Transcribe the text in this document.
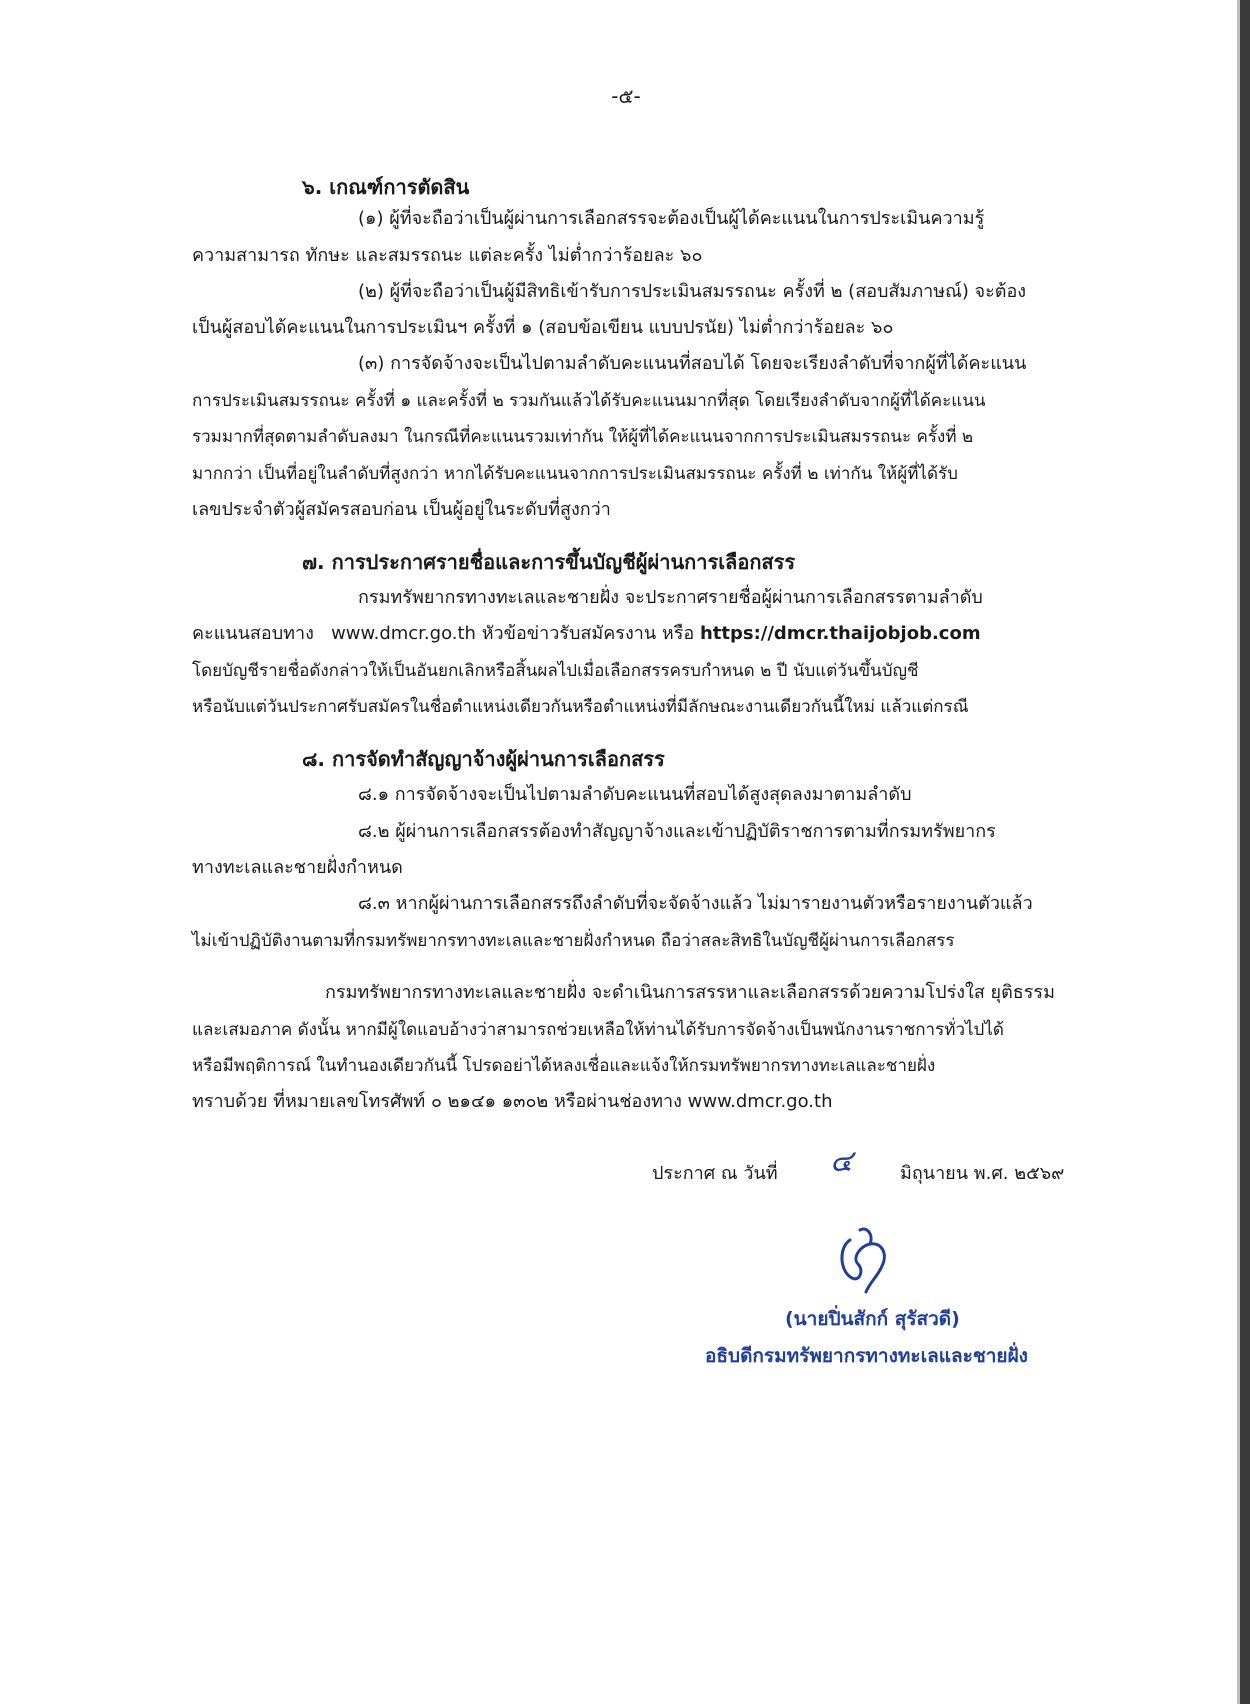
-๕-
๖. เกณฑ์การตัดสิน
(๑) ผู้ที่จะถือว่าเป็นผู้ผ่านการเลือกสรรจะต้องเป็นผู้ได้คะแนนในการประเมินความรู้
ความสามารถ ทักษะ และสมรรถนะ แต่ละครั้ง ไม่ต่ำกว่าร้อยละ ๖๐
(๒) ผู้ที่จะถือว่าเป็นผู้มีสิทธิเข้ารับการประเมินสมรรถนะ ครั้งที่ ๒ (สอบสัมภาษณ์) จะต้อง
เป็นผู้สอบได้คะแนนในการประเมินฯ ครั้งที่ ๑ (สอบข้อเขียน แบบปรนัย) ไม่ต่ำกว่าร้อยละ ๖๐
(๓) การจัดจ้างจะเป็นไปตามลำดับคะแนนที่สอบได้ โดยจะเรียงลำดับที่จากผู้ที่ได้คะแนน
การประเมินสมรรถนะ ครั้งที่ ๑ และครั้งที่ ๒ รวมกันแล้วได้รับคะแนนมากที่สุด โดยเรียงลำดับจากผู้ที่ได้คะแนน
รวมมากที่สุดตามลำดับลงมา ในกรณีที่คะแนนรวมเท่ากัน ให้ผู้ที่ได้คะแนนจากการประเมินสมรรถนะ ครั้งที่ ๒
มากกว่า เป็นที่อยู่ในลำดับที่สูงกว่า หากได้รับคะแนนจากการประเมินสมรรถนะ ครั้งที่ ๒ เท่ากัน ให้ผู้ที่ได้รับ
เลขประจำตัวผู้สมัครสอบก่อน เป็นผู้อยู่ในระดับที่สูงกว่า
๗. การประกาศรายชื่อและการขึ้นบัญชีผู้ผ่านการเลือกสรร
กรมทรัพยากรทางทะเลและชายฝั่ง จะประกาศรายชื่อผู้ผ่านการเลือกสรรตามลำดับ
คะแนนสอบทาง www.dmcr.go.th หัวข้อข่าวรับสมัครงาน หรือ https://dmcr.thaijobjob.com
โดยบัญชีรายชื่อดังกล่าวให้เป็นอันยกเลิกหรือสิ้นผลไปเมื่อเลือกสรรครบกำหนด ๒ ปี นับแต่วันขึ้นบัญชี
หรือนับแต่วันประกาศรับสมัครในชื่อตำแหน่งเดียวกันหรือตำแหน่งที่มีลักษณะงานเดียวกันนี้ใหม่ แล้วแต่กรณี
๘. การจัดทำสัญญาจ้างผู้ผ่านการเลือกสรร
๘.๑ การจัดจ้างจะเป็นไปตามลำดับคะแนนที่สอบได้สูงสุดลงมาตามลำดับ
๘.๒ ผู้ผ่านการเลือกสรรต้องทำสัญญาจ้างและเข้าปฏิบัติราชการตามที่กรมทรัพยากร
ทางทะเลและชายฝั่งกำหนด
๘.๓ หากผู้ผ่านการเลือกสรรถึงลำดับที่จะจัดจ้างแล้ว ไม่มารายงานตัวหรือรายงานตัวแล้ว
ไม่เข้าปฏิบัติงานตามที่กรมทรัพยากรทางทะเลและชายฝั่งกำหนด ถือว่าสละสิทธิในบัญชีผู้ผ่านการเลือกสรร
กรมทรัพยากรทางทะเลและชายฝั่ง จะดำเนินการสรรหาและเลือกสรรด้วยความโปร่งใส ยุติธรรม
และเสมอภาค ดังนั้น หากมีผู้ใดแอบอ้างว่าสามารถช่วยเหลือให้ท่านได้รับการจัดจ้างเป็นพนักงานราชการทั่วไปได้
หรือมีพฤติการณ์ ในทำนองเดียวกันนี้ โปรดอย่าได้หลงเชื่อและแจ้งให้กรมทรัพยากรทางทะเลและชายฝั่ง
ทราบด้วย ที่หมายเลขโทรศัพท์ ๐ ๒๑๔๑ ๑๓๐๒ หรือผ่านช่องทาง www.dmcr.go.th
ประกาศ ณ วันที่ ๔	มิถุนายน พ.ศ. ๒๕๖๙
(นายปิ่นสักก์ สุรัสวดี)
อธิบดีกรมทรัพยากรทางทะเลและชายฝั่ง
